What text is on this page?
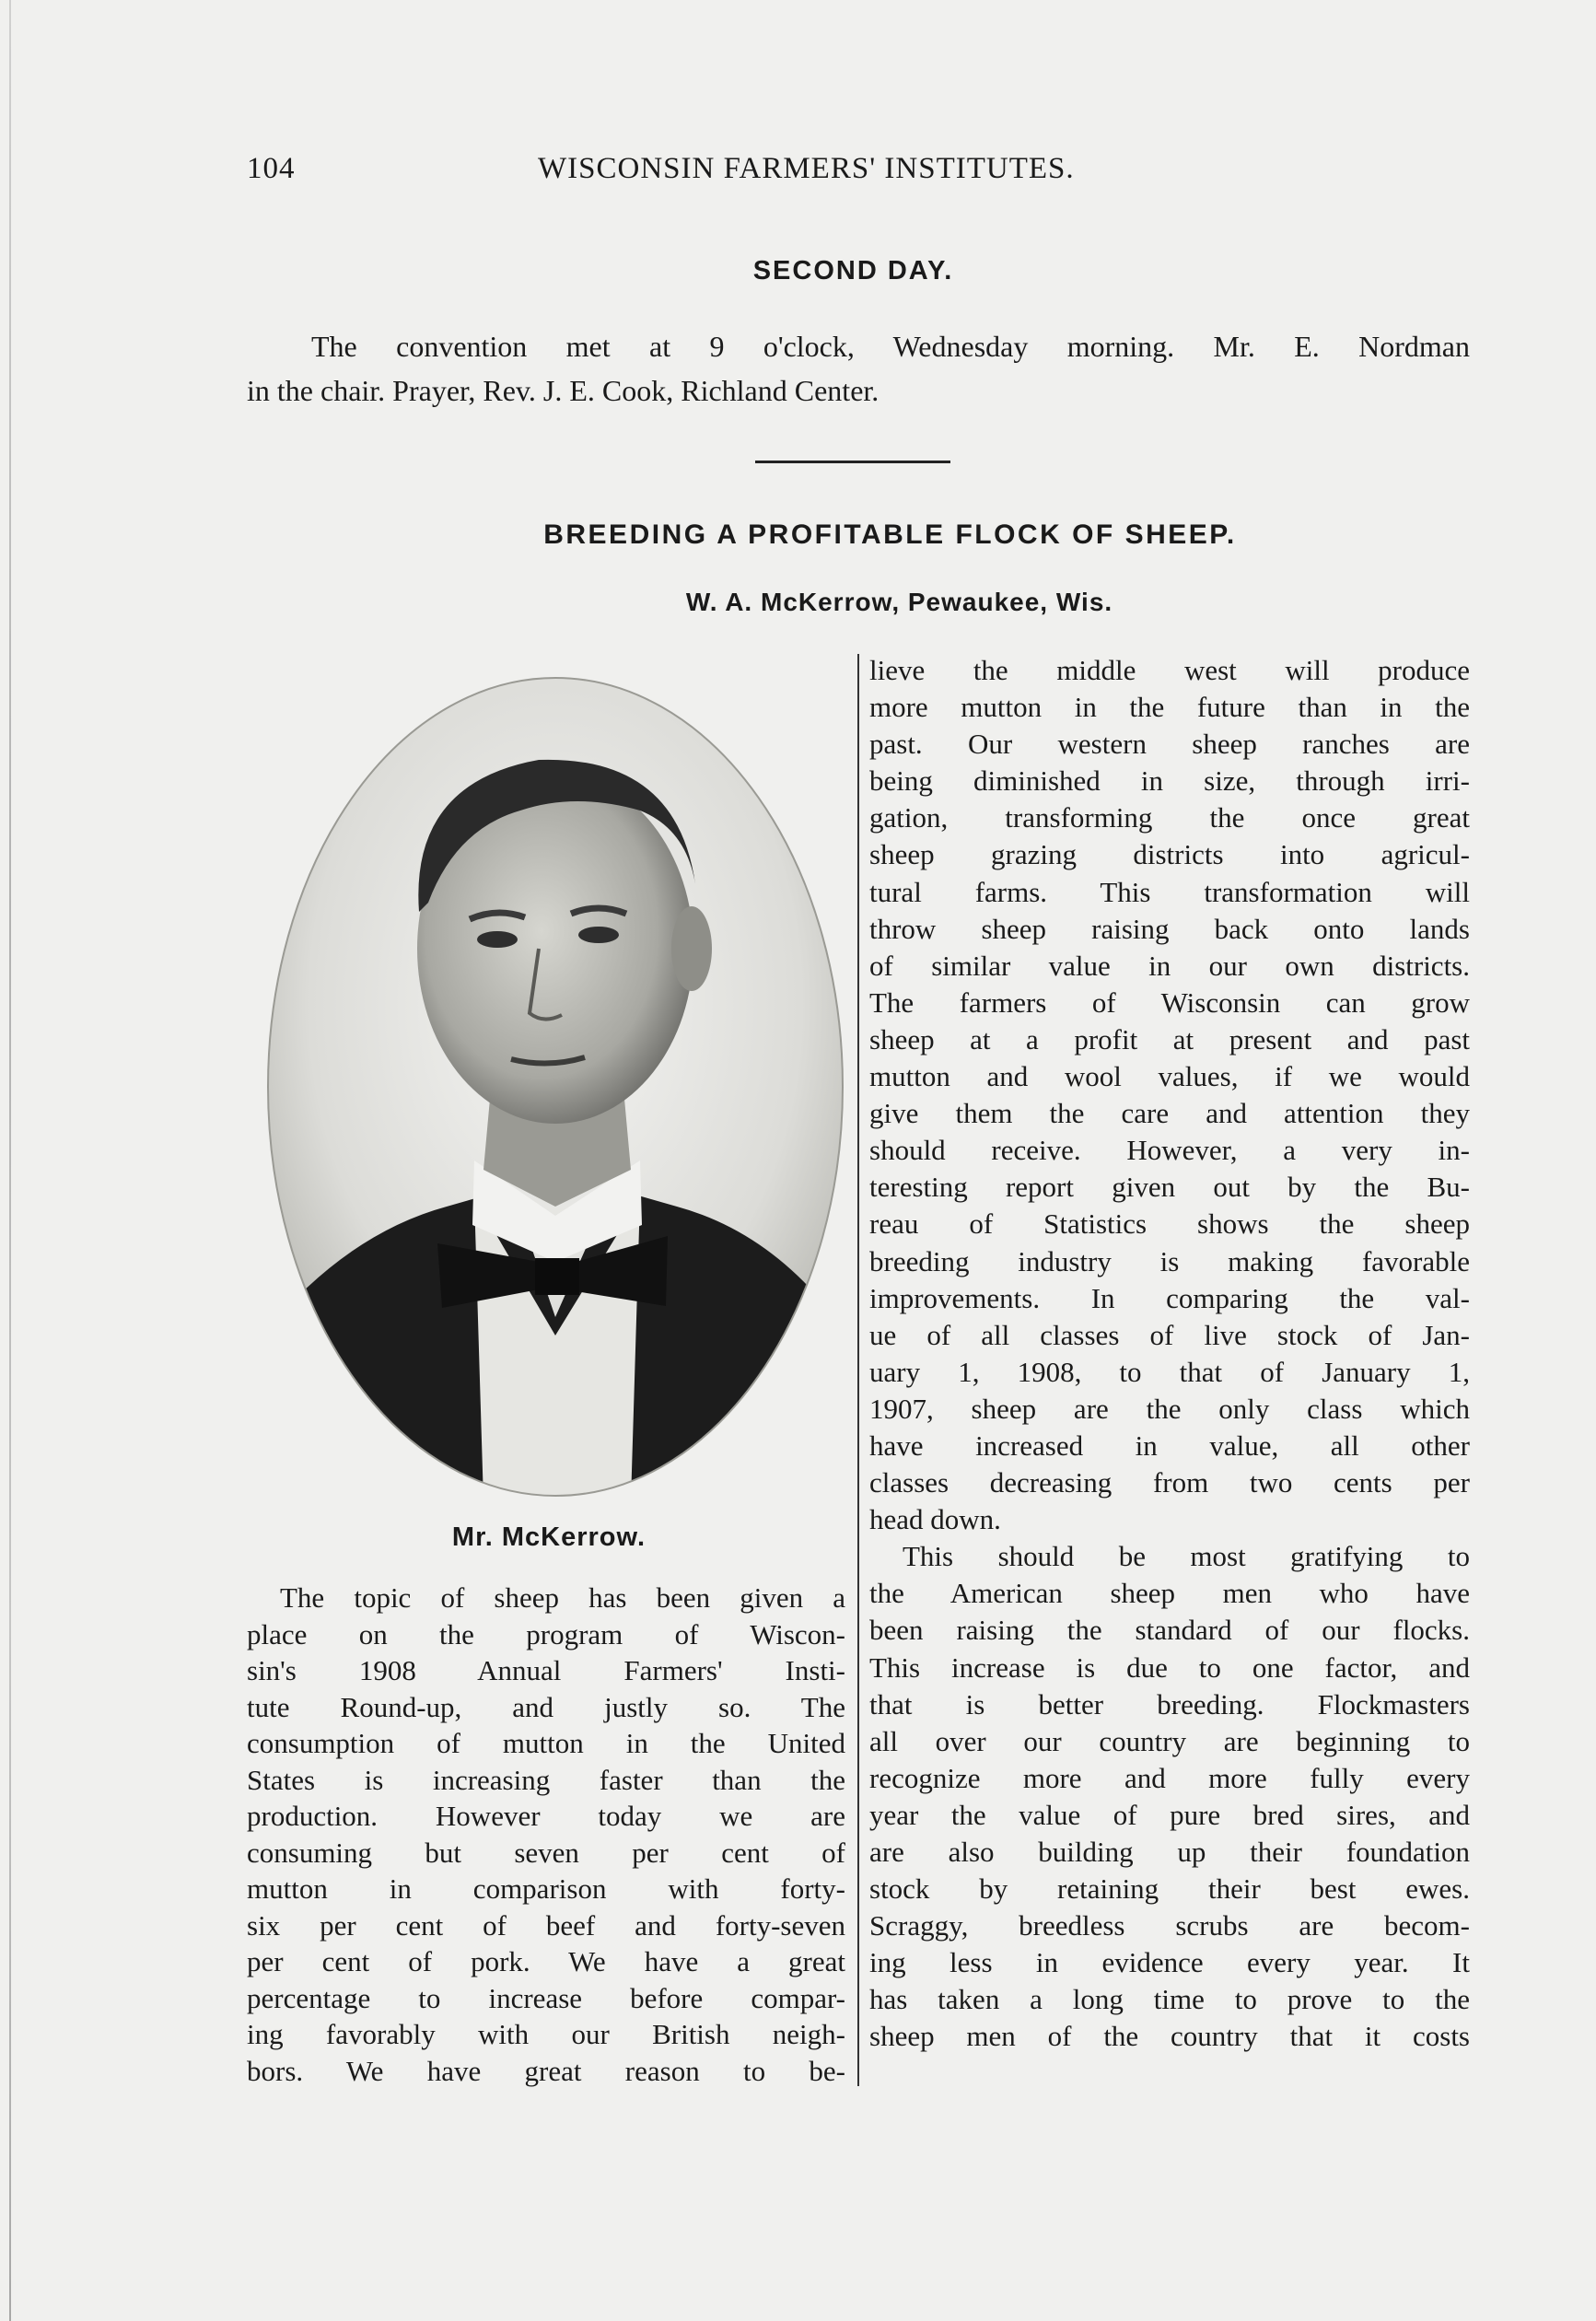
104	WISCONSIN FARMERS' INSTITUTES.
SECOND DAY.
The convention met at 9 o'clock, Wednesday morning. Mr. E. Nordman
in the chair. Prayer, Rev. J. E. Cook, Richland Center.
BREEDING A PROFITABLE FLOCK OF SHEEP.
W. A. McKerrow, Pewaukee, Wis.
Mr. McKerrow.
The topic of sheep has been given a
place on the program of Wiscon-
sin's 1908 Annual Farmers' Insti-
tute Round-up, and justly so. The
consumption of mutton in the United
States is increasing faster than the
production. However today we are
consuming but seven per cent of
mutton in comparison with forty-
six per cent of beef and forty-seven
per cent of pork. We have a great
percentage to increase before compar-
ing favorably with our British neigh-
bors. We have great reason to be-
lieve the middle west will produce
more mutton in the future than in the
past. Our western sheep ranches are
being diminished in size, through irri-
gation, transforming the once great
sheep grazing districts into agricul-
tural farms. This transformation will
throw sheep raising back onto lands
of similar value in our own districts.
The farmers of Wisconsin can grow
sheep at a profit at present and past
mutton and wool values, if we would
give them the care and attention they
should receive. However, a very in-
teresting report given out by the Bu-
reau of Statistics shows the sheep
breeding industry is making favorable
improvements. In comparing the val-
ue of all classes of live stock of Jan-
uary 1, 1908, to that of January 1,
1907, sheep are the only class which
have increased in value, all other
classes decreasing from two cents per
head down.
This should be most gratifying to
the American sheep men who have
been raising the standard of our flocks.
This increase is due to one factor, and
that is better breeding. Flockmasters
all over our country are beginning to
recognize more and more fully every
year the value of pure bred sires, and
are also building up their foundation
stock by retaining their best ewes.
Scraggy, breedless scrubs are becom-
ing less in evidence every year. It
has taken a long time to prove to the
sheep men of the country that it costs
